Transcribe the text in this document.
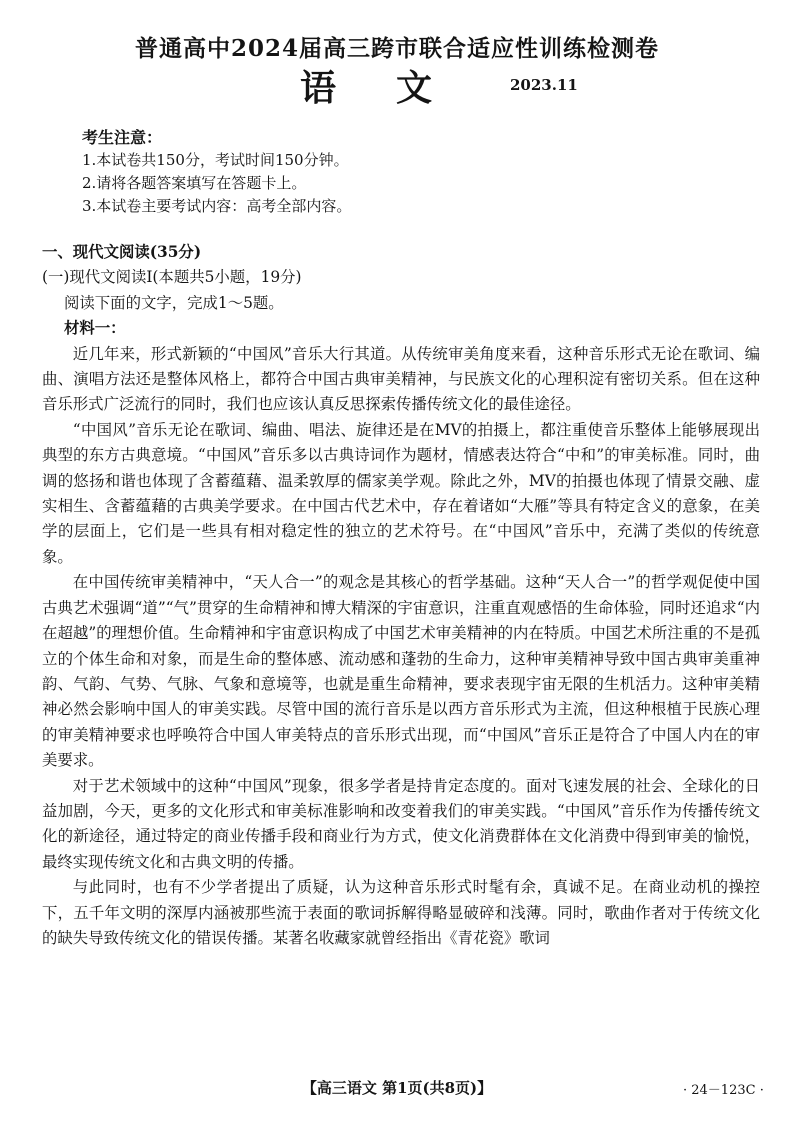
普通高中2024届高三跨市联合适应性训练检测卷
语文 2023.11
考生注意：
1.本试卷共150分，考试时间150分钟。
2.请将各题答案填写在答题卡上。
3.本试卷主要考试内容：高考全部内容。
一、现代文阅读(35分)
(一)现代文阅读Ⅰ(本题共5小题，19分)
阅读下面的文字，完成1～5题。
材料一：

近几年来，形式新颖的“中国风”音乐大行其道。从传统审美角度来看，这种音乐形式无论在歌词、编曲、演唱方法还是整体风格上，都符合中国古典审美精神，与民族文化的心理积淀有密切关系。但在这种音乐形式广泛流行的同时，我们也应该认真反思探索传播传统文化的最佳途径。

“中国风”音乐无论在歌词、编曲、唱法、旋律还是在MV的拍摄上，都注重使音乐整体上能够展现出典型的东方古典意境。“中国风”音乐多以古典诗词作为题材，情感表达符合“中和”的审美标准。同时，曲调的悠扬和谐也体现了含蓄蕴藉、温柔敦厚的儒家美学观。除此之外，MV的拍摄也体现了情景交融、虚实相生、含蓄蕴藉的古典美学要求。在中国古代艺术中，存在着诸如“大雁”等具有特定含义的意象，在美学的层面上，它们是一些具有相对稳定性的独立的艺术符号。在“中国风”音乐中，充满了类似的传统意象。

在中国传统审美精神中，“天人合一”的观念是其核心的哲学基础。这种“天人合一”的哲学观促使中国古典艺术强调“道”“气”贯穿的生命精神和博大精深的宇宙意识，注重直观感悟的生命体验，同时还追求“内在超越”的理想价值。生命精神和宇宙意识构成了中国艺术审美精神的内在特质。中国艺术所注重的不是孤立的个体生命和对象，而是生命的整体感、流动感和蓬勃的生命力，这种审美精神导致中国古典审美重神韵、气韵、气势、气脉、气象和意境等，也就是重生命精神，要求表现宇宙无限的生机活力。这种审美精神必然会影响中国人的审美实践。尽管中国的流行音乐是以西方音乐形式为主流，但这种根植于民族心理的审美精神要求也呼唤符合中国人审美特点的音乐形式出现，而“中国风”音乐正是符合了中国人内在的审美要求。

对于艺术领域中的这种“中国风”现象，很多学者是持肯定态度的。面对飞速发展的社会、全球化的日益加剧，今天，更多的文化形式和审美标准影响和改变着我们的审美实践。“中国风”音乐作为传播传统文化的新途径，通过特定的商业传播手段和商业行为方式，使文化消费群体在文化消费中得到审美的愉悦，最终实现传统文化和古典文明的传播。

与此同时，也有不少学者提出了质疑，认为这种音乐形式时髦有余，真诚不足。在商业动机的操控下，五千年文明的深厚内涵被那些流于表面的歌词拆解得略显破碎和浅薄。同时，歌曲作者对于传统文化的缺失导致传统文化的错误传播。某著名收藏家就曾经指出《青花瓷》歌词

【高三语文 第1页(共8页)】	· 24－123C ·
